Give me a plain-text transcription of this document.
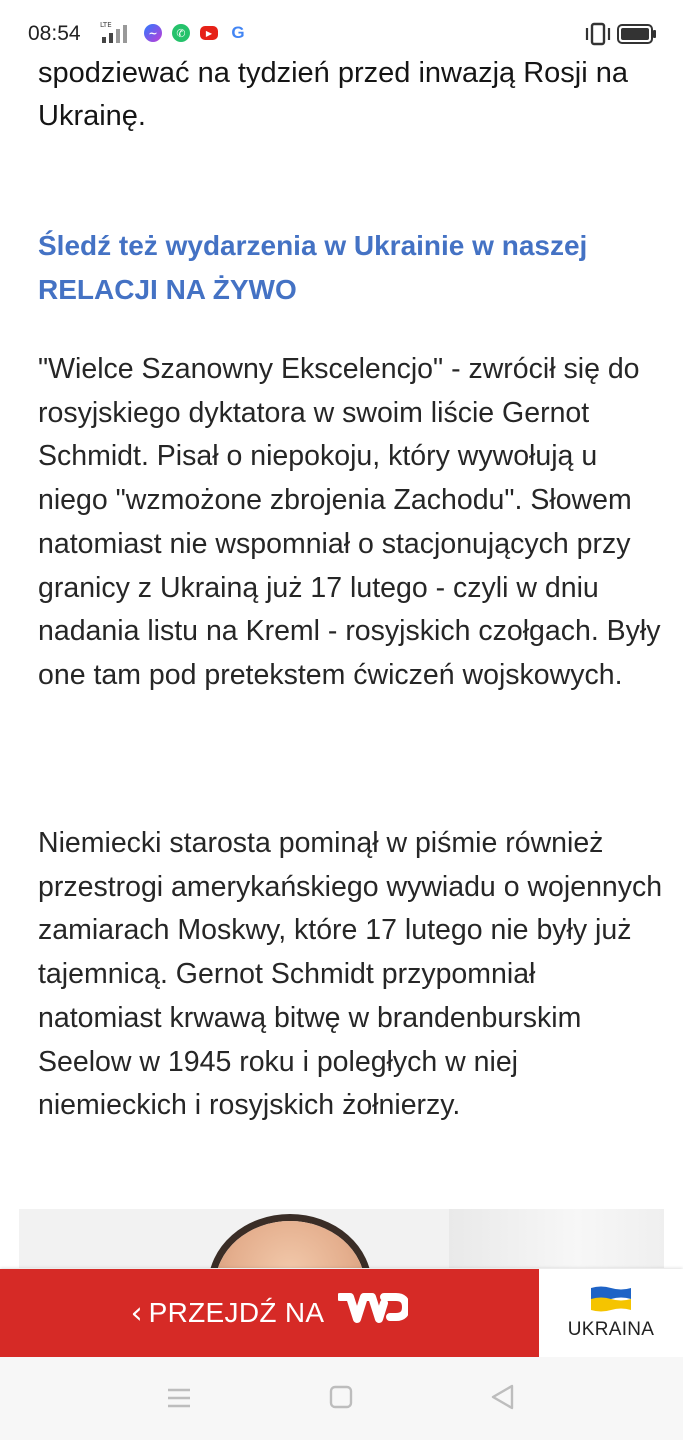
08:54	LTE
~	✆	▶	G

spodziewać na tydzień przed inwazją Rosji na Ukrainę.

Śledź też wydarzenia w Ukrainie w naszej RELACJI NA ŻYWO

"Wielce Szanowny Ekscelencjo" - zwrócił się do rosyjskiego dyktatora w swoim liście Gernot Schmidt. Pisał o niepokoju, który wywołują u niego "wzmożone zbrojenia Zachodu". Słowem natomiast nie wspomniał o stacjonujących przy granicy z Ukrainą już 17 lutego - czyli w dniu nadania listu na Kreml - rosyjskich czołgach. Były one tam pod pretekstem ćwiczeń wojskowych.

Niemiecki starosta pominął w piśmie również przestrogi amerykańskiego wywiadu o wojennych zamiarach Moskwy, które 17 lutego nie były już tajemnicą. Gernot Schmidt przypomniał natomiast krwawą bitwę w brandenburskim Seelow w 1945 roku i poległych w niej niemieckich i rosyjskich żołnierzy.

‹ PRZEJDŹ NA
UKRAINA
